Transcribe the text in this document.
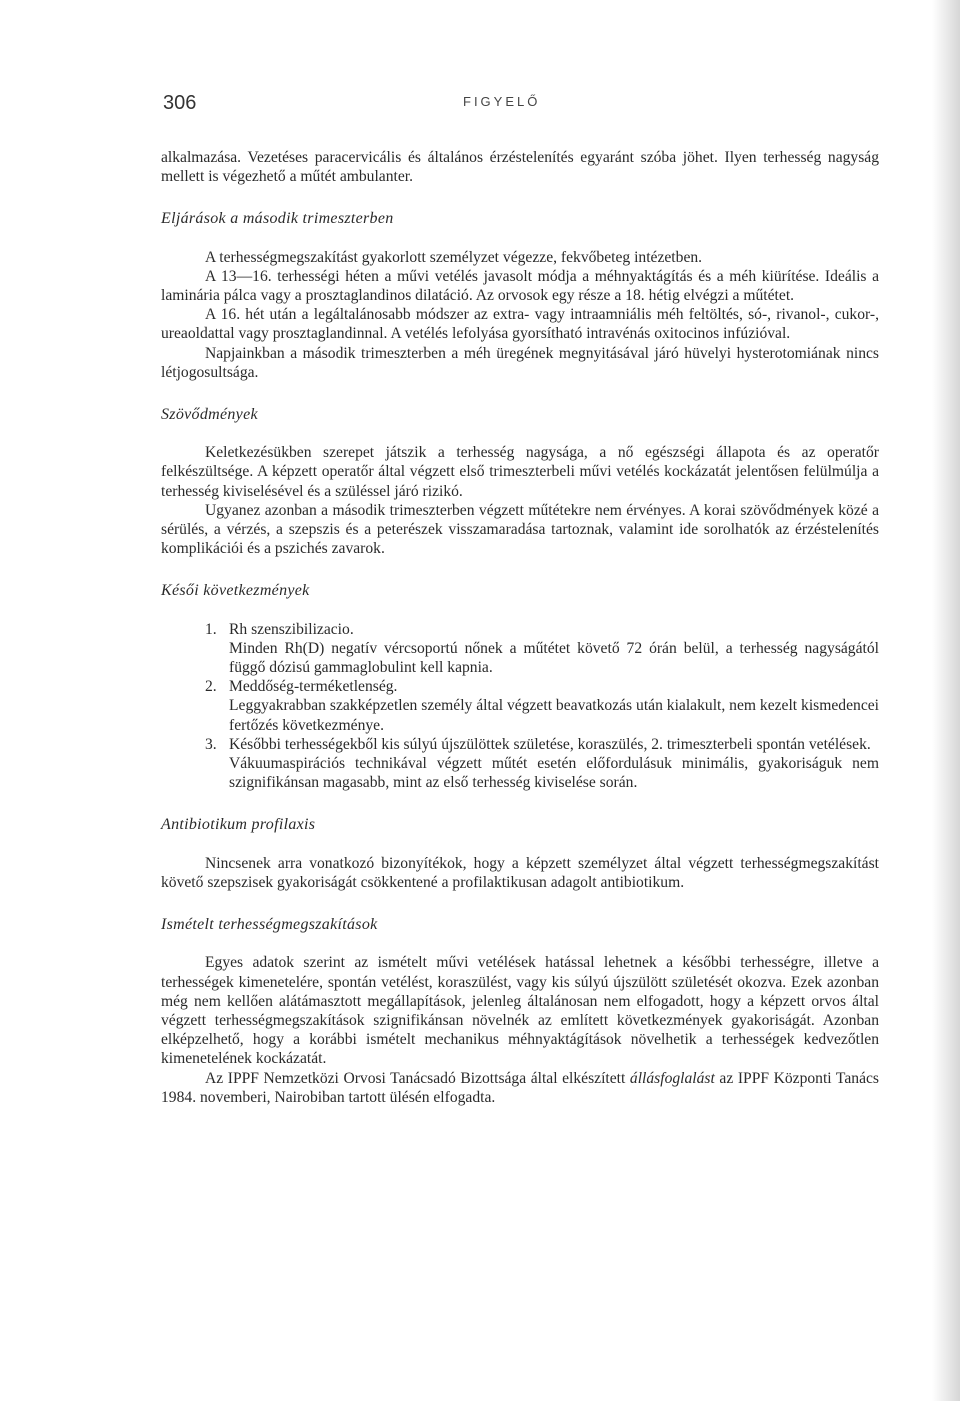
306	FIGYELŐ

alkalmazása. Vezetéses paracervicális és általános érzéstelenítés egyaránt szóba jöhet. Ilyen terhesség nagyság mellett is végezhető a műtét ambulanter.

Eljárások a második trimeszterben

A terhességmegszakítást gyakorlott személyzet végezze, fekvőbeteg intézetben.

A 13—16. terhességi héten a művi vetélés javasolt módja a méhnyaktágítás és a méh kiürítése. Ideális a laminária pálca vagy a prosztaglandinos dilatáció. Az orvosok egy része a 18. hétig elvégzi a műtétet.

A 16. hét után a legáltalánosabb módszer az extra- vagy intraamniális méh feltöltés, só-, rivanol-, cukor-, ureaoldattal vagy prosztaglandinnal. A vetélés lefolyása gyorsítható intravénás oxitocinos infúzióval.

Napjainkban a második trimeszterben a méh üregének megnyitásával járó hüvelyi hysterotomiának nincs létjogosultsága.

Szövődmények

Keletkezésükben szerepet játszik a terhesség nagysága, a nő egészségi állapota és az operatőr felkészültsége. A képzett operatőr által végzett első trimeszterbeli művi vetélés kockázatát jelentősen felülmúlja a terhesség kiviselésével és a szüléssel járó rizikó.

Ugyanez azonban a második trimeszterben végzett műtétekre nem érvényes. A korai szövődmények közé a sérülés, a vérzés, a szepszis és a peterészek visszamaradása tartoznak, valamint ide sorolhatók az érzéstelenítés komplikációi és a pszichés zavarok.

Késői következmények
1. Rh szenszibilizacio.
Minden Rh(D) negatív vércsoportú nőnek a műtétet követő 72 órán belül, a terhesség nagyságától függő dózisú gammaglobulint kell kapnia.
2. Meddőség-terméketlenség.
Leggyakrabban szakképzetlen személy által végzett beavatkozás után kialakult, nem kezelt kismedencei fertőzés következménye.
3. Későbbi terhességekből kis súlyú újszülöttek születése, koraszülés, 2. trimeszterbeli spontán vetélések.
Vákuumaspirációs technikával végzett műtét esetén előfordulásuk minimális, gyakoriságuk nem szignifikánsan magasabb, mint az első terhesség kiviselése során.
Antibiotikum profilaxis

Nincsenek arra vonatkozó bizonyítékok, hogy a képzett személyzet által végzett terhességmegszakítást követő szepszisek gyakoriságát csökkentené a profilaktikusan adagolt antibiotikum.

Ismételt terhességmegszakítások

Egyes adatok szerint az ismételt művi vetélések hatással lehetnek a későbbi terhességre, illetve a terhességek kimenetelére, spontán vetélést, koraszülést, vagy kis súlyú újszülött születését okozva. Ezek azonban még nem kellően alátámasztott megállapítások, jelenleg általánosan nem elfogadott, hogy a képzett orvos által végzett terhességmegszakítások szignifikánsan növelnék az említett következmények gyakoriságát. Azonban elképzelhető, hogy a korábbi ismételt mechanikus méhnyaktágítások növelhetik a terhességek kedvezőtlen kimenetelének kockázatát.

Az IPPF Nemzetközi Orvosi Tanácsadó Bizottsága által elkészített állásfoglalást az IPPF Központi Tanács 1984. novemberi, Nairobiban tartott ülésén elfogadta.
